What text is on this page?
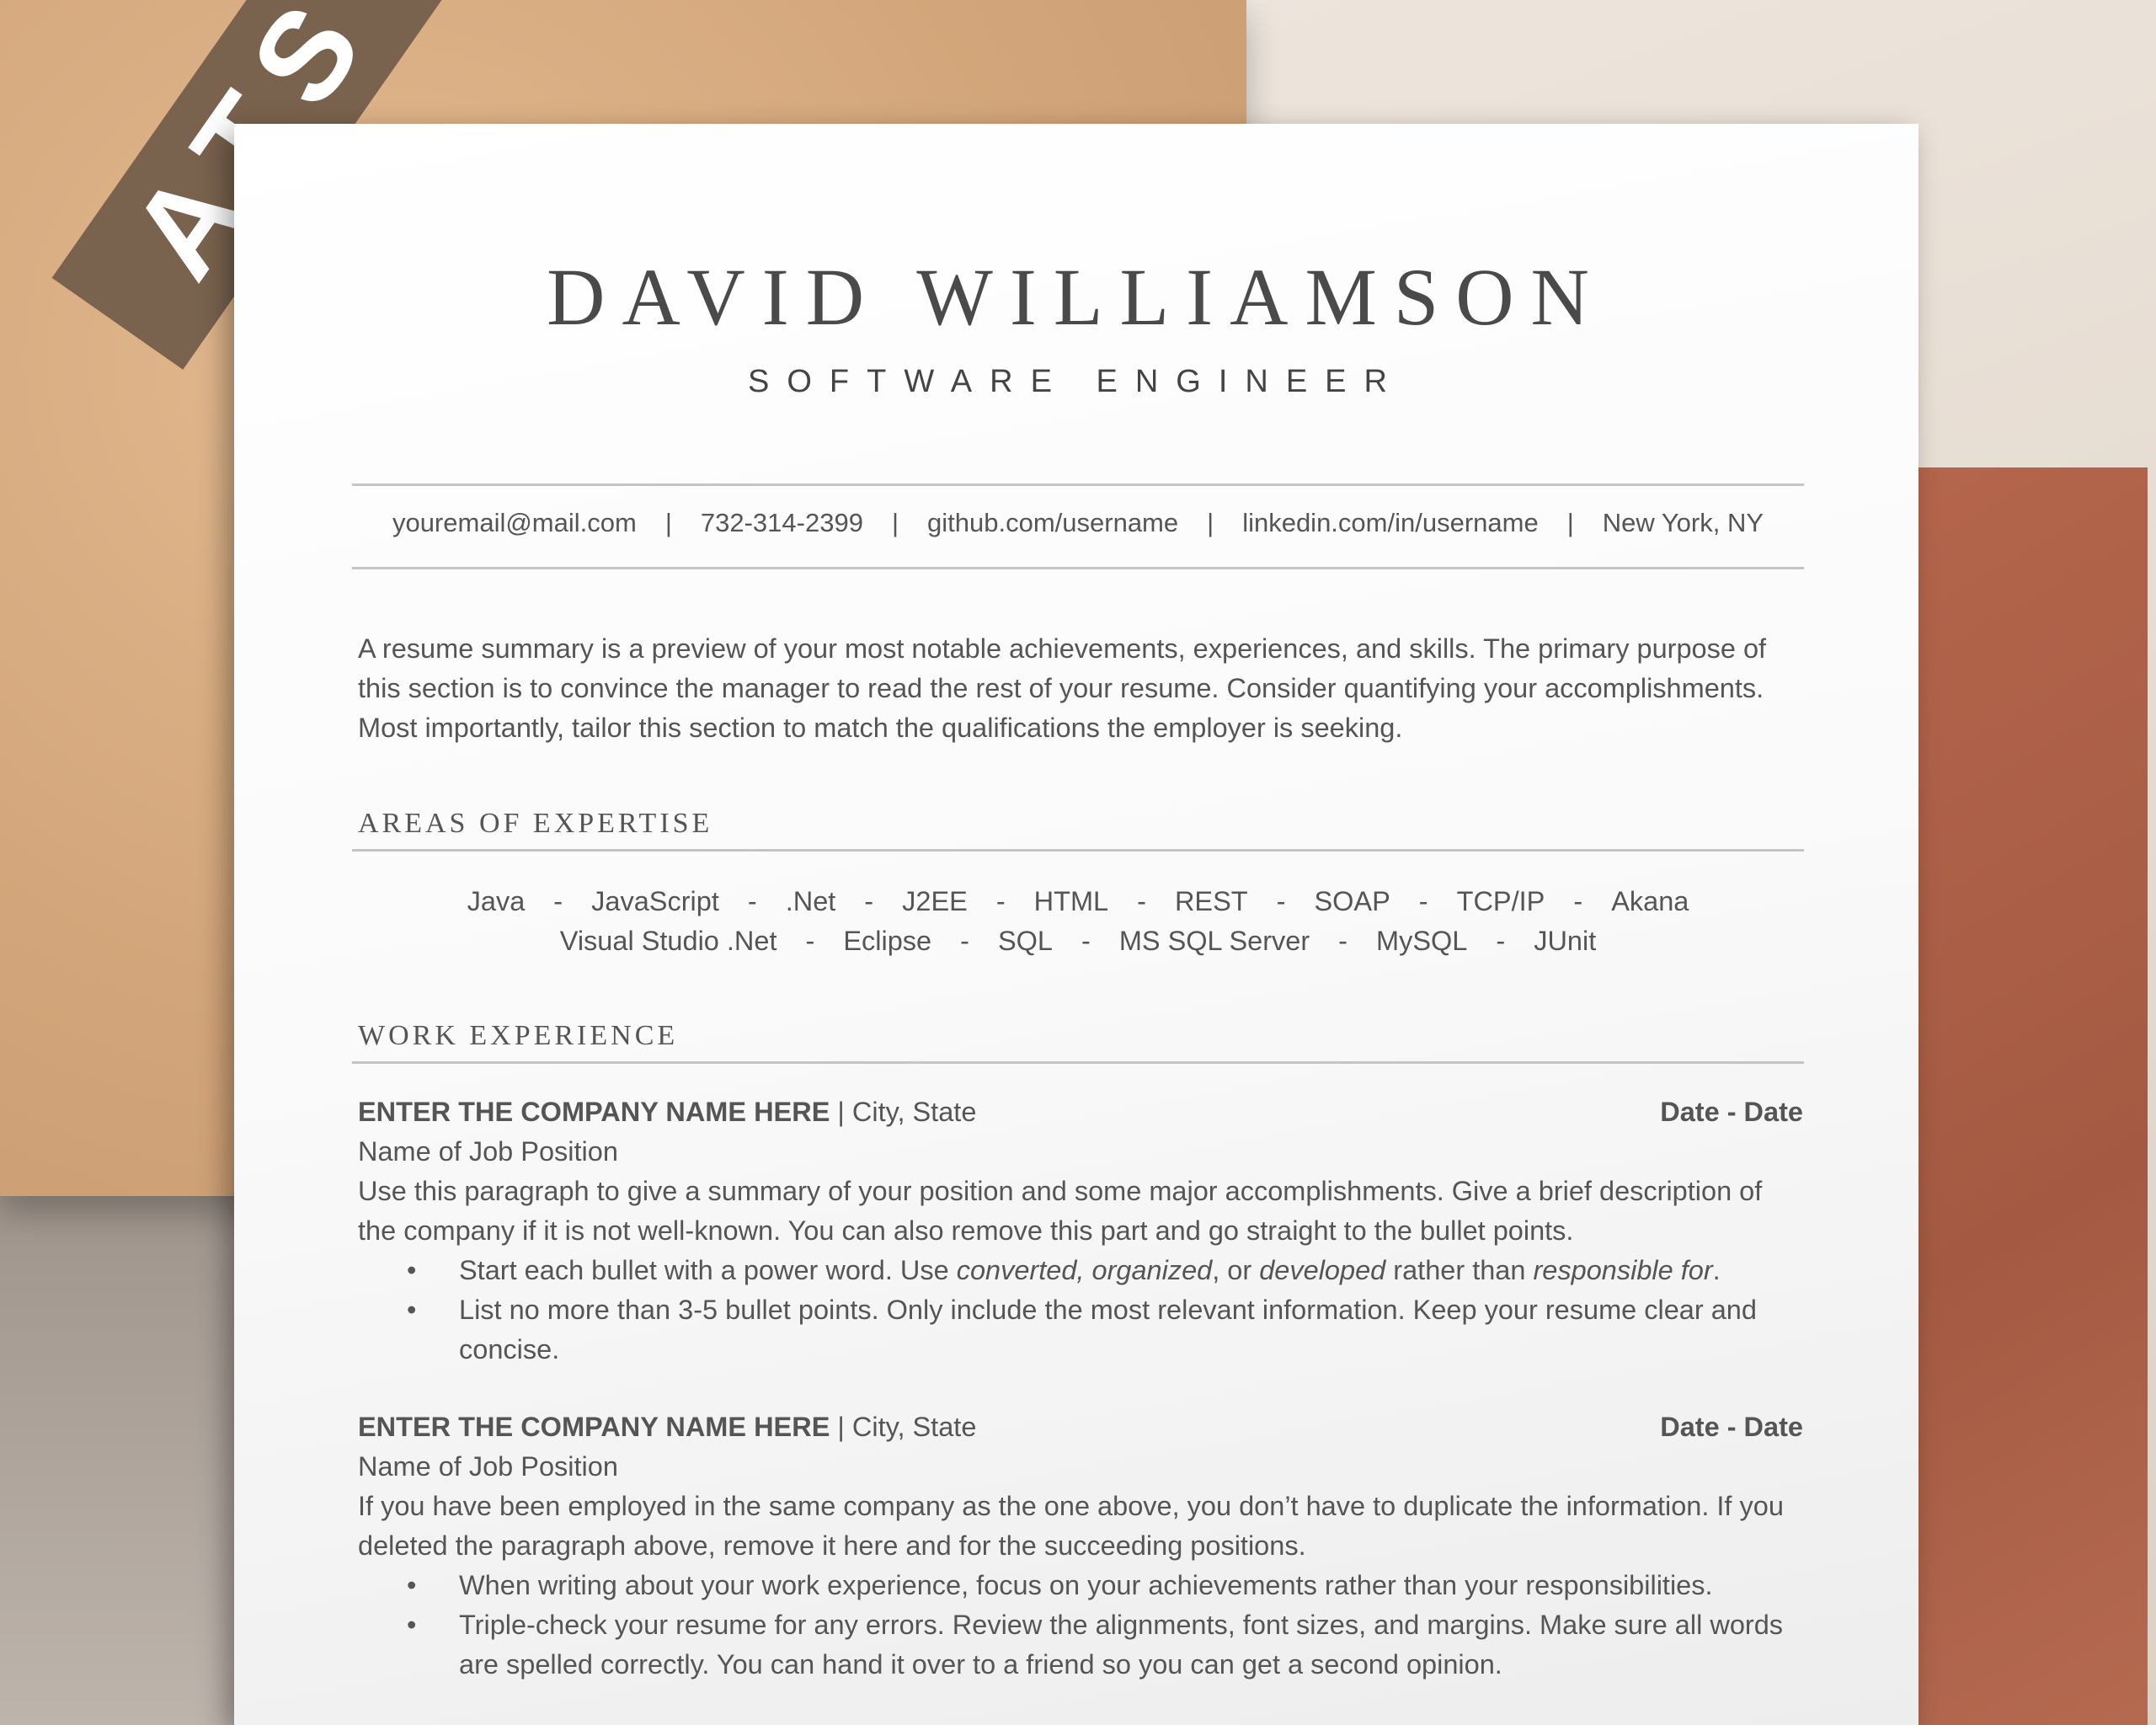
DAVID WILLIAMSON
SOFTWARE ENGINEER
youremail@mail.com | 732-314-2399 | github.com/username | linkedin.com/in/username | New York, NY
A resume summary is a preview of your most notable achievements, experiences, and skills. The primary purpose of this section is to convince the manager to read the rest of your resume. Consider quantifying your accomplishments. Most importantly, tailor this section to match the qualifications the employer is seeking.
AREAS OF EXPERTISE
Java - JavaScript - .Net - J2EE - HTML - REST - SOAP - TCP/IP - Akana
Visual Studio .Net - Eclipse - SQL - MS SQL Server - MySQL - JUnit
WORK EXPERIENCE
ENTER THE COMPANY NAME HERE | City, State	Date - Date
Name of Job Position
Use this paragraph to give a summary of your position and some major accomplishments. Give a brief description of the company if it is not well-known. You can also remove this part and go straight to the bullet points.
• Start each bullet with a power word. Use converted, organized, or developed rather than responsible for.
• List no more than 3-5 bullet points. Only include the most relevant information. Keep your resume clear and concise.
ENTER THE COMPANY NAME HERE | City, State	Date - Date
Name of Job Position
If you have been employed in the same company as the one above, you don’t have to duplicate the information. If you deleted the paragraph above, remove it here and for the succeeding positions.
• When writing about your work experience, focus on your achievements rather than your responsibilities.
• Triple-check your resume for any errors. Review the alignments, font sizes, and margins. Make sure all words are spelled correctly. You can hand it over to a friend so you can get a second opinion.
